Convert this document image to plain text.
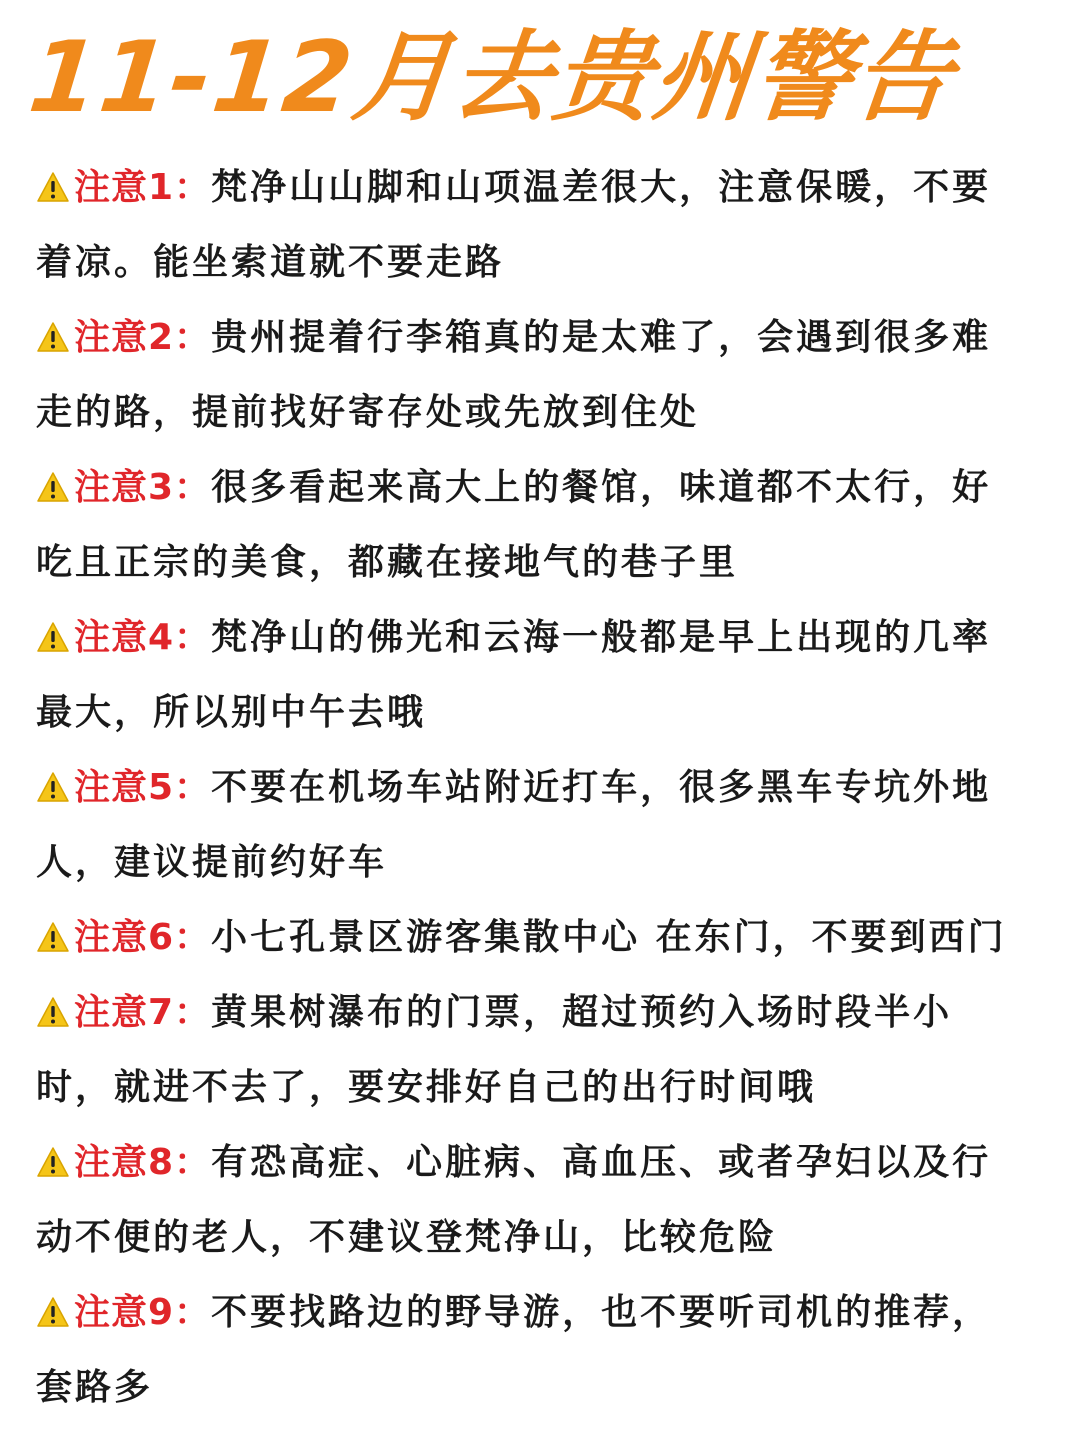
11-12月去贵州警告
注意1：梵净山山脚和山项温差很大，注意保暖，不要着凉。能坐索道就不要走路
注意2：贵州提着行李箱真的是太难了，会遇到很多难走的路，提前找好寄存处或先放到住处
注意3：很多看起来高大上的餐馆，味道都不太行，好吃且正宗的美食，都藏在接地气的巷子里
注意4：梵净山的佛光和云海一般都是早上出现的几率最大，所以别中午去哦
注意5：不要在机场车站附近打车，很多黑车专坑外地人，建议提前约好车
注意6：小七孔景区游客集散中心 在东门，不要到西门
注意7：黄果树瀑布的门票，超过预约入场时段半小时，就进不去了，要安排好自己的出行时间哦
注意8：有恐高症、心脏病、高血压、或者孕妇以及行动不便的老人，不建议登梵净山，比较危险
注意9：不要找路边的野导游，也不要听司机的推荐，套路多
